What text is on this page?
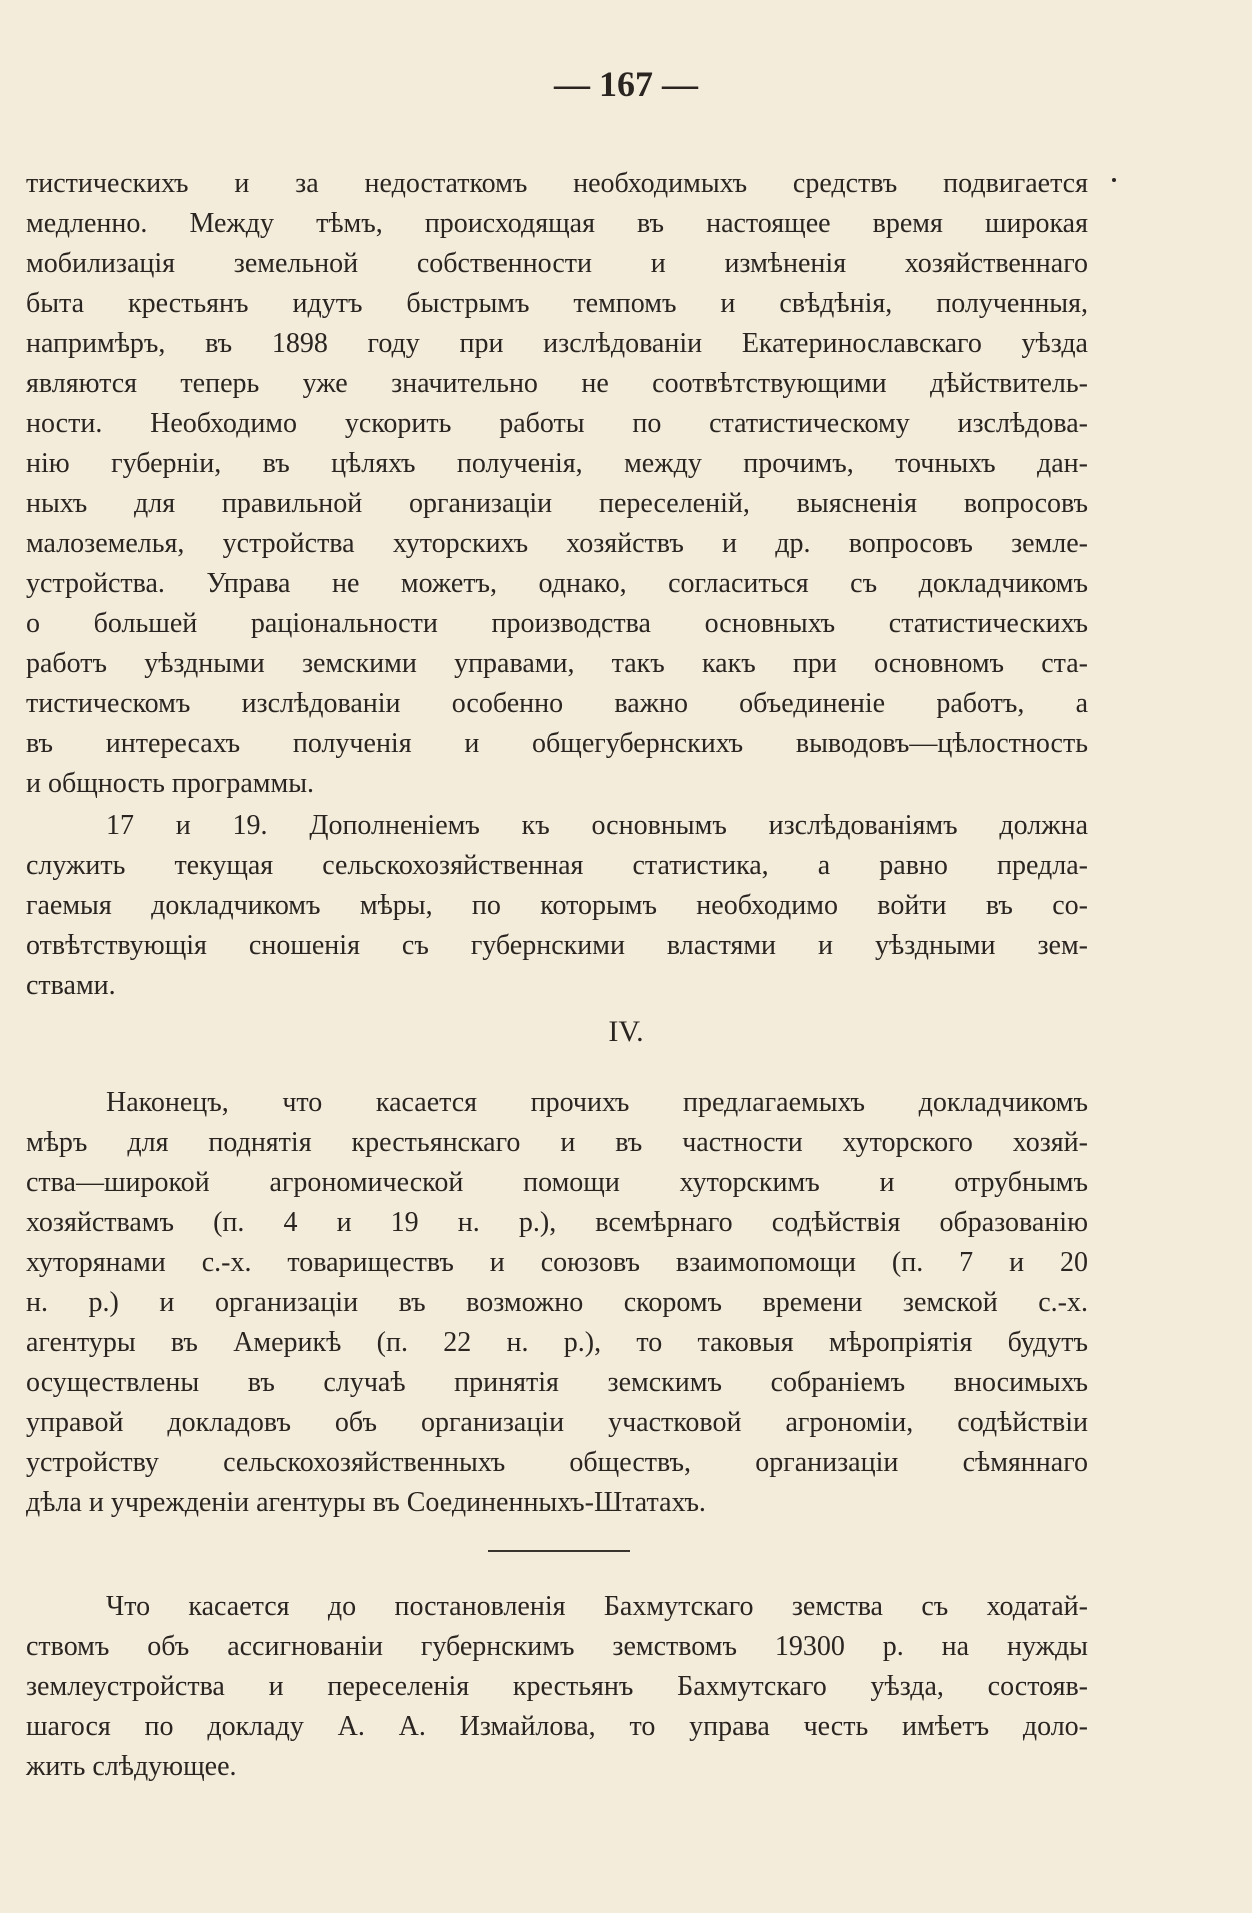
— 167 —
тистическихъ и за недостаткомъ необходимыхъ средствъ подвигается
медленно. Между тѣмъ, происходящая въ настоящее время широкая
мобилизація земельной собственности и измѣненія хозяйственнаго
быта крестьянъ идутъ быстрымъ темпомъ и свѣдѣнія, полученныя,
напримѣръ, въ 1898 году при изслѣдованіи Екатеринославскаго уѣзда
являются теперь уже значительно не соотвѣтствующими дѣйствитель-
ности. Необходимо ускорить работы по статистическому изслѣдова-
нію губерніи, въ цѣляхъ полученія, между прочимъ, точныхъ дан-
ныхъ для правильной организаціи переселеній, выясненія вопросовъ
малоземелья, устройства хуторскихъ хозяйствъ и др. вопросовъ земле-
устройства. Управа не можетъ, однако, согласиться съ докладчикомъ
о большей раціональности производства основныхъ статистическихъ
работъ уѣздными земскими управами, такъ какъ при основномъ ста-
тистическомъ изслѣдованіи особенно важно объединеніе работъ, а
въ интересахъ полученія и общегубернскихъ выводовъ—цѣлостность
и общность программы.
17 и 19. Дополненіемъ къ основнымъ изслѣдованіямъ должна
служить текущая сельскохозяйственная статистика, а равно предла-
гаемыя докладчикомъ мѣры, по которымъ необходимо войти въ со-
отвѣтствующія сношенія съ губернскими властями и уѣздными зем-
ствами.
IV.
Наконецъ, что касается прочихъ предлагаемыхъ докладчикомъ
мѣръ для поднятія крестьянскаго и въ частности хуторского хозяй-
ства—широкой агрономической помощи хуторскимъ и отрубнымъ
хозяйствамъ (п. 4 и 19 н. р.), всемѣрнаго содѣйствія образованію
хуторянами с.-х. товариществъ и союзовъ взаимопомощи (п. 7 и 20
н. р.) и организаціи въ возможно скоромъ времени земской с.-х.
агентуры въ Америкѣ (п. 22 н. р.), то таковыя мѣропріятія будутъ
осуществлены въ случаѣ принятія земскимъ собраніемъ вносимыхъ
управой докладовъ объ организаціи участковой агрономіи, содѣйствіи
устройству сельскохозяйственныхъ обществъ, организаціи сѣмяннаго
дѣла и учрежденіи агентуры въ Соединенныхъ-Штатахъ.
Что касается до постановленія Бахмутскаго земства съ ходатай-
ствомъ объ ассигнованіи губернскимъ земствомъ 19300 р. на нужды
землеустройства и переселенія крестьянъ Бахмутскаго уѣзда, состояв-
шагося по докладу А. А. Измайлова, то управа честь имѣетъ доло-
жить слѣдующее.
